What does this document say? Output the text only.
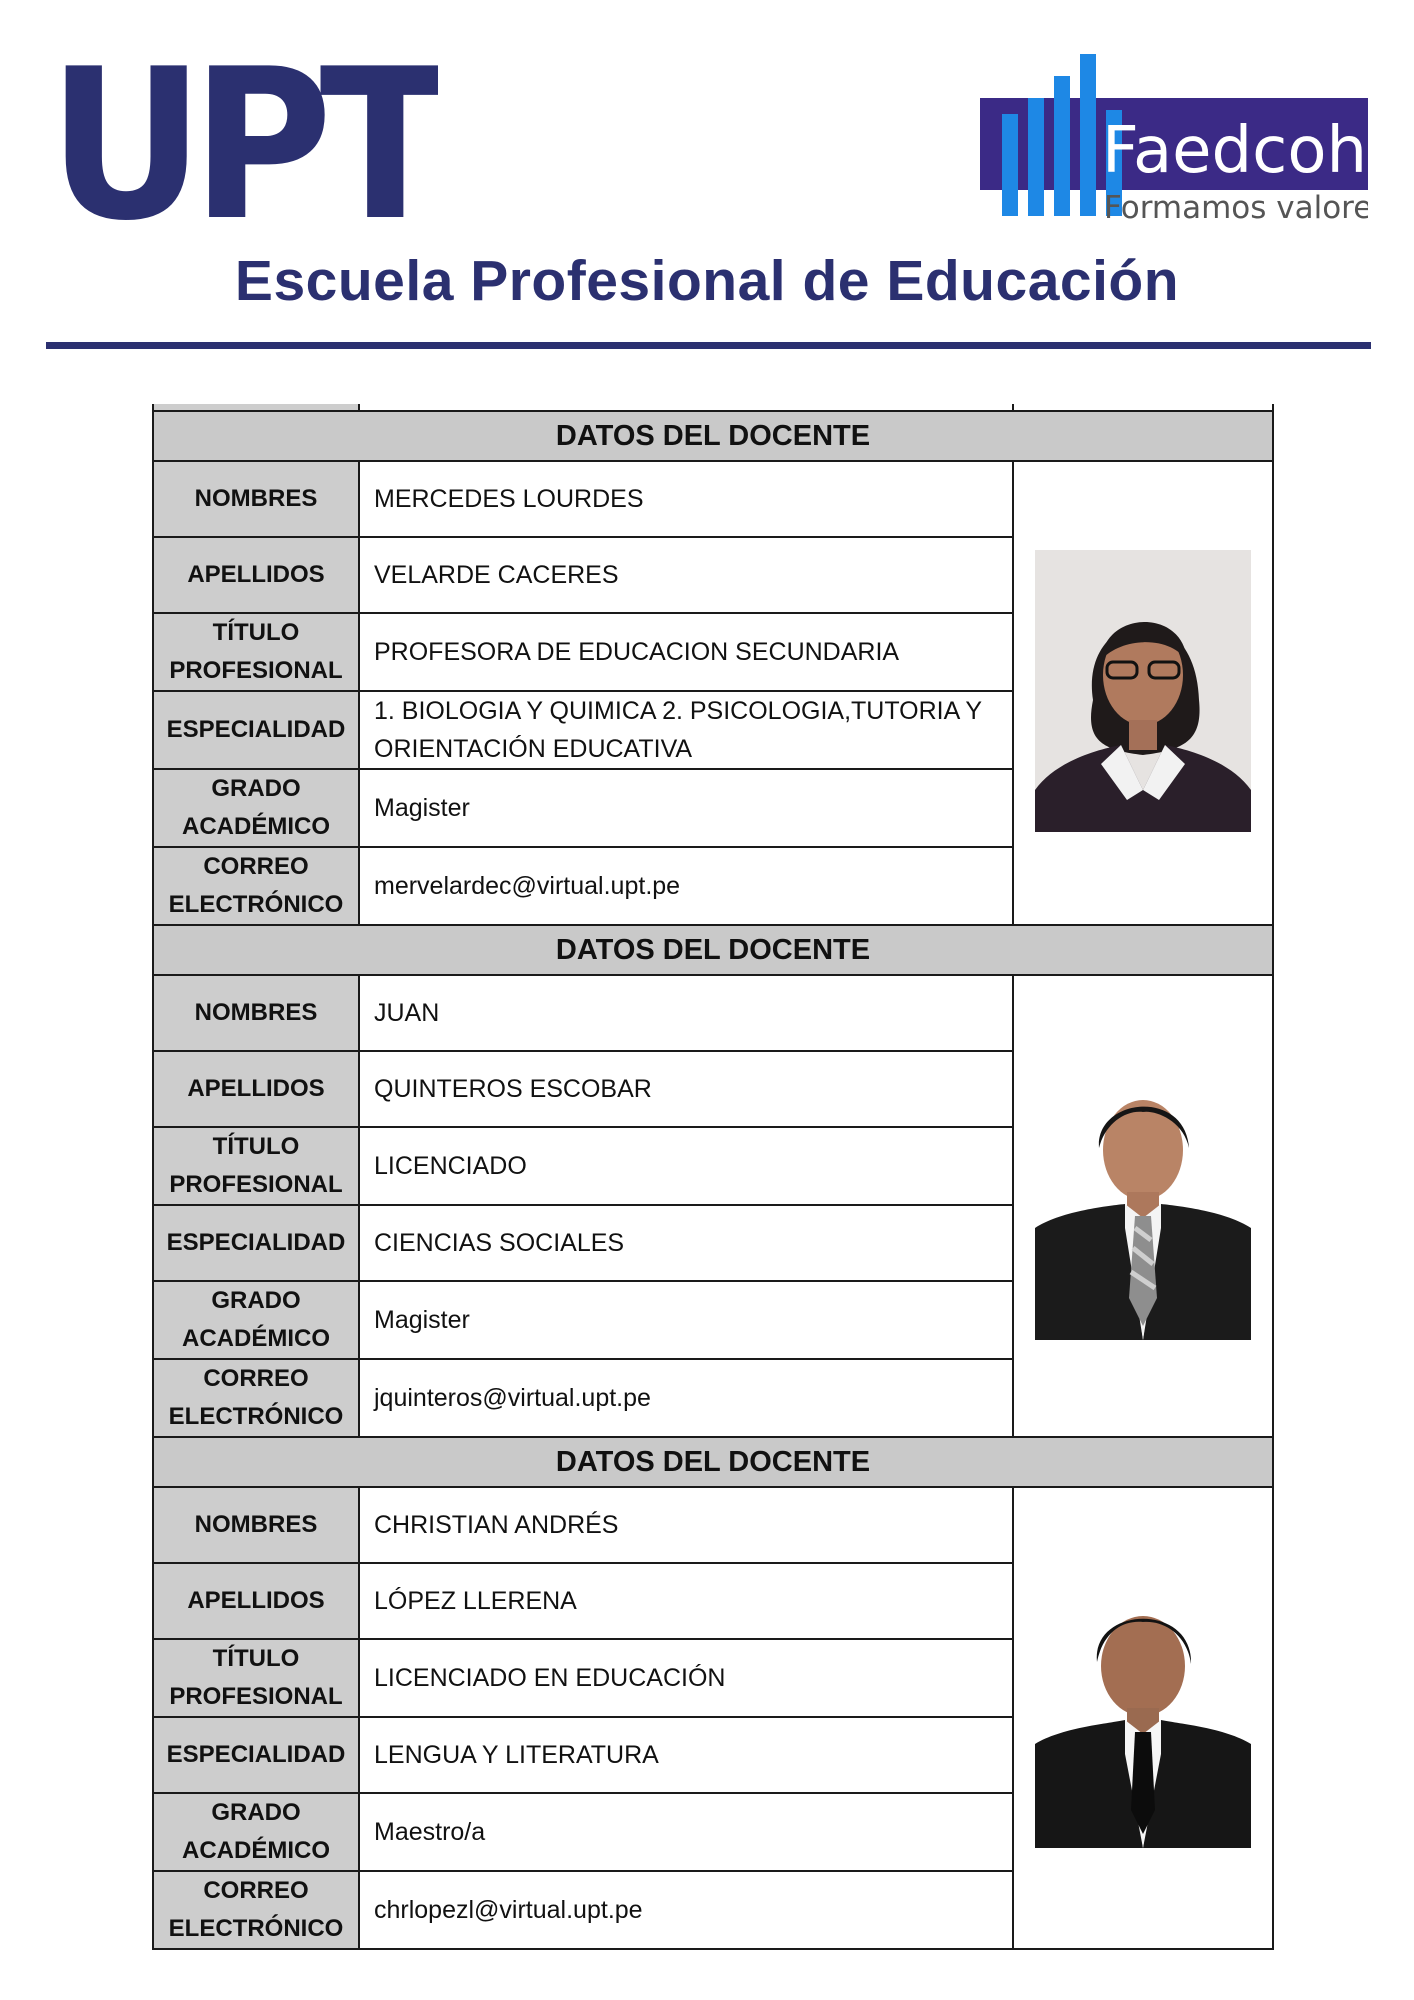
UPT	Faedcoh
Formamos valores
Escuela Profesional de Educación

DATOS DEL DOCENTE		
NOMBRES	MERCEDES LOURDES	
APELLIDOS	VELARDE CACERES	
TÍTULO PROFESIONAL	PROFESORA DE EDUCACION SECUNDARIA	
ESPECIALIDAD	1. BIOLOGIA Y QUIMICA 2. PSICOLOGIA,TUTORIA Y ORIENTACIÓN EDUCATIVA	
GRADO ACADÉMICO	Magister	
CORREO ELECTRÓNICO	mervelardec@virtual.upt.pe	
DATOS DEL DOCENTE		
NOMBRES	JUAN	
APELLIDOS	QUINTEROS ESCOBAR	
TÍTULO PROFESIONAL	LICENCIADO	
ESPECIALIDAD	CIENCIAS SOCIALES	
GRADO ACADÉMICO	Magister	
CORREO ELECTRÓNICO	jquinteros@virtual.upt.pe	
DATOS DEL DOCENTE		
NOMBRES	CHRISTIAN ANDRÉS	
APELLIDOS	LÓPEZ LLERENA	
TÍTULO PROFESIONAL	LICENCIADO EN EDUCACIÓN	
ESPECIALIDAD	LENGUA Y LITERATURA	
GRADO ACADÉMICO	Maestro/a	
CORREO ELECTRÓNICO	chrlopezl@virtual.upt.pe	
